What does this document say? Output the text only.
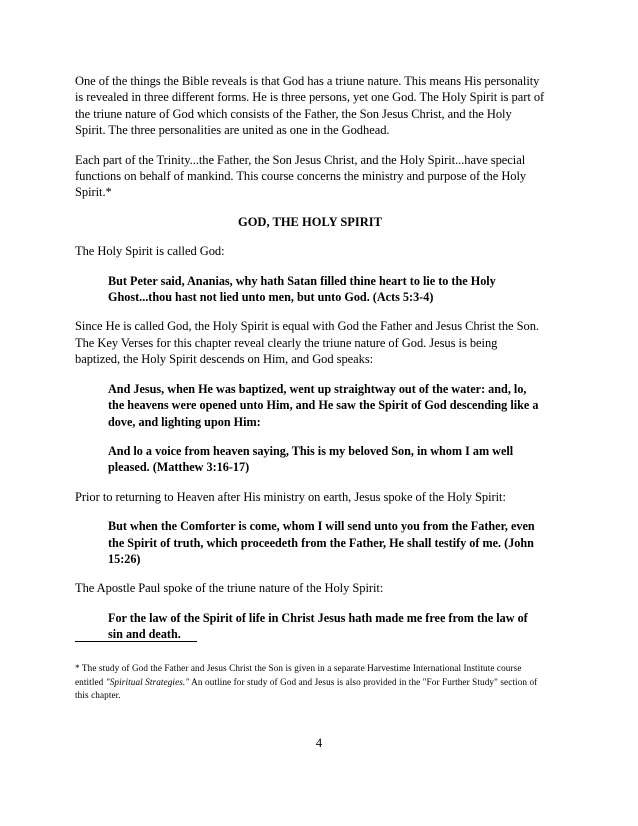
One of the things the Bible reveals is that God has a triune nature. This means His personality is revealed in three different forms. He is three persons, yet one God. The Holy Spirit is part of the triune nature of God which consists of the Father, the Son Jesus Christ, and the Holy Spirit. The three personalities are united as one in the Godhead.

Each part of the Trinity...the Father, the Son Jesus Christ, and the Holy Spirit...have special functions on behalf of mankind. This course concerns the ministry and purpose of the Holy Spirit.*

GOD, THE HOLY SPIRIT

The Holy Spirit is called God:

But Peter said, Ananias, why hath Satan filled thine heart to lie to the Holy Ghost...thou hast not lied unto men, but unto God. (Acts 5:3-4)

Since He is called God, the Holy Spirit is equal with God the Father and Jesus Christ the Son. The Key Verses for this chapter reveal clearly the triune nature of God. Jesus is being baptized, the Holy Spirit descends on Him, and God speaks:

And Jesus, when He was baptized, went up straightway out of the water: and, lo, the heavens were opened unto Him, and He saw the Spirit of God descending like a dove, and lighting upon Him:

And lo a voice from heaven saying, This is my beloved Son, in whom I am well pleased. (Matthew 3:16-17)

Prior to returning to Heaven after His ministry on earth, Jesus spoke of the Holy Spirit:

But when the Comforter is come, whom I will send unto you from the Father, even the Spirit of truth, which proceedeth from the Father, He shall testify of me. (John 15:26)

The Apostle Paul spoke of the triune nature of the Holy Spirit:

For the law of the Spirit of life in Christ Jesus hath made me free from the law of sin and death.

* The study of God the Father and Jesus Christ the Son is given in a separate Harvestime International Institute course entitled "Spiritual Strategies." An outline for study of God and Jesus is also provided in the "For Further Study" section of this chapter.
4
